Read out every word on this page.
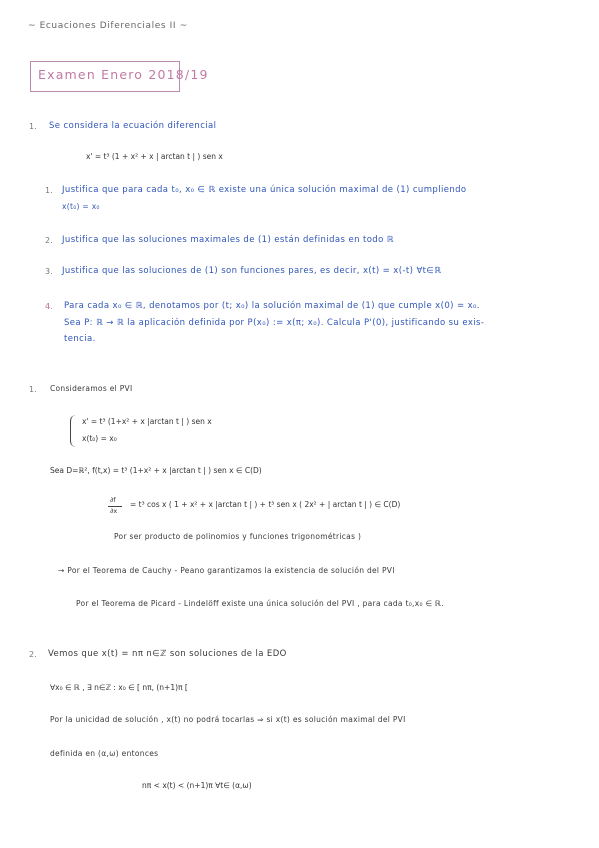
~ Ecuaciones Diferenciales II ~
Examen Enero 2018/19
1. Se considera la ecuación diferencial
x' = t³ (1 + x² + x | arctan t | ) sen x
1. Justifica que para cada t₀, x₀ ∈ ℝ existe una única solución maximal de (1) cumpliendo
x(t₀) = x₀
2. Justifica que las soluciones maximales de (1) están definidas en todo ℝ
3. Justifica que las soluciones de (1) son funciones pares, es decir, x(t) = x(-t) ∀t∈ℝ
4. Para cada x₀ ∈ ℝ, denotamos por (t; x₀) la solución maximal de (1) que cumple x(0) = x₀.
Sea P: ℝ → ℝ la aplicación definida por P(x₀) := x(π; x₀). Calcula P'(0), justificando su exis-
tencia.
1. Consideramos el PVI
x' = t³ (1+x² + x |arctan t | ) sen x
x(t₀) = x₀
Sea D=ℝ², f(t,x) = t³ (1+x² + x |arctan t | ) sen x ∈ C(D)
∂f
∂x
= t³ cos x ( 1 + x² + x |arctan t | ) + t³ sen x ( 2x² + | arctan t | ) ∈ C(D)
Por ser producto de polinomios y funciones trigonométricas )
→ Por el Teorema de Cauchy - Peano garantizamos la existencia de solución del PVI
Por el Teorema de Picard - Lindelöff existe una única solución del PVI , para cada t₀,x₀ ∈ ℝ.
2. Vemos que x(t) = nπ n∈ℤ son soluciones de la EDO
∀x₀ ∈ ℝ , ∃ n∈ℤ : x₀ ∈ [ nπ, (n+1)π [
Por la unicidad de solución , x(t) no podrá tocarlas ⇒ si x(t) es solución maximal del PVI
definida en (α,ω) entonces
nπ < x(t) < (n+1)π ∀t∈ (α,ω)
